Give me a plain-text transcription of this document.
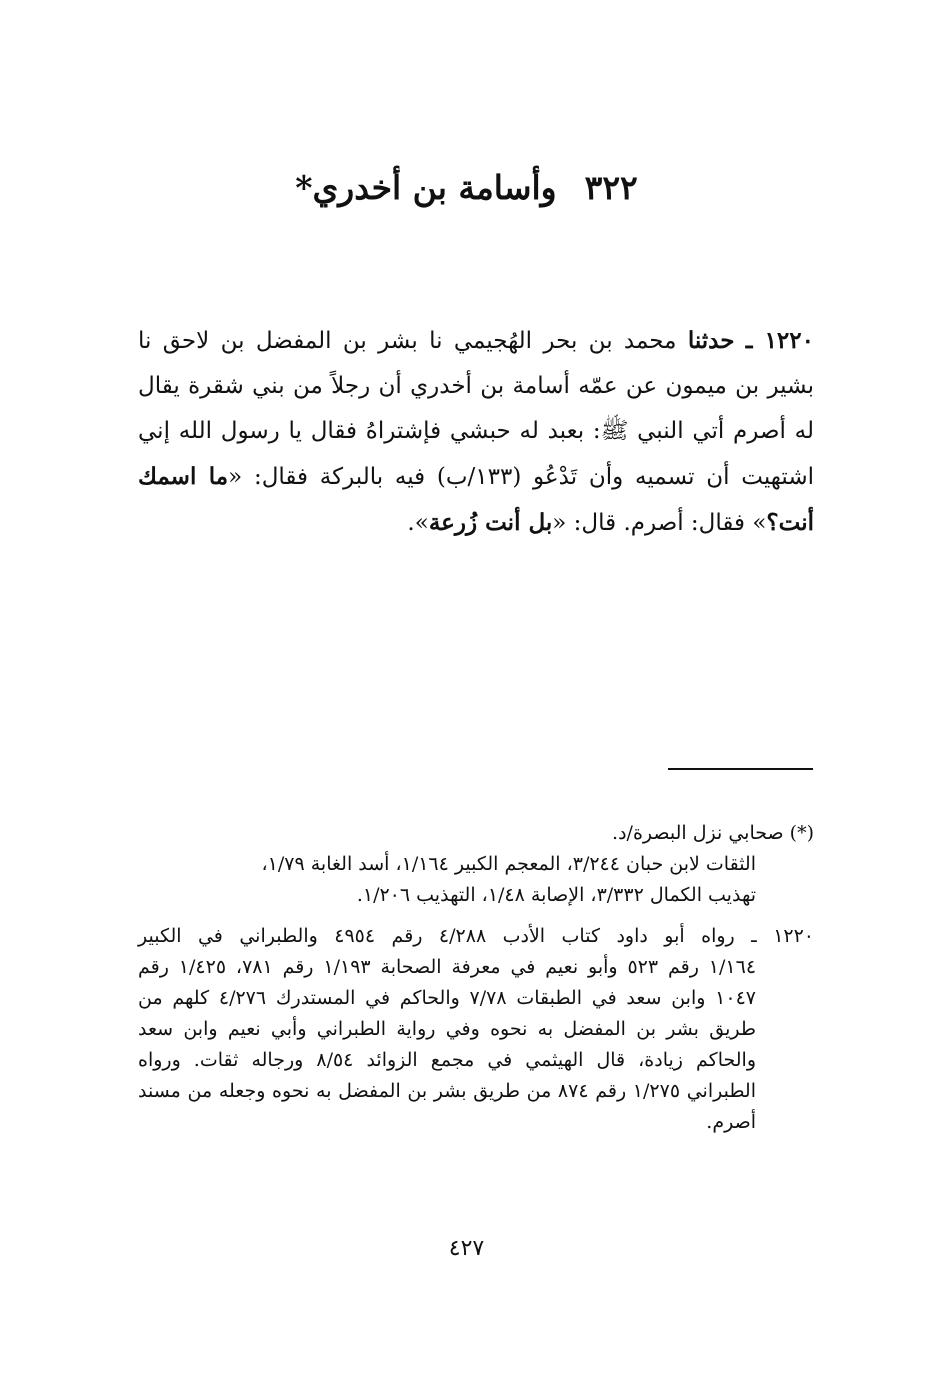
٣٢٢وأسامة بن أخدري*
١٢٢٠ ـ حدثنا محمد بن بحر الهُجيمي نا بشر بن المفضل بن لاحق نا بشير بن ميمون عن عمّه أسامة بن أخدري أن رجلاً من بني شقرة يقال له أصرم أتي النبي ﷺ: بعبد له حبشي فإشتراهُ فقال يا رسول الله إني اشتهيت أن تسميه وأن تَدْعُو (١٣٣/ب) فيه بالبركة فقال: «ما اسمك أنت؟» فقال: أصرم. قال: «بل أنت زُرعة».
(*) صحابي نزل البصرة/د.
الثقات لابن حبان ٣/٢٤٤، المعجم الكبير ١/١٦٤، أسد الغابة ١/٧٩،
تهذيب الكمال ٣/٣٣٢، الإصابة ١/٤٨، التهذيب ١/٢٠٦.
١٢٢٠ ـ رواه أبو داود كتاب الأدب ٤/٢٨٨ رقم ٤٩٥٤ والطبراني في الكبير
١/١٦٤ رقم ٥٢٣ وأبو نعيم في معرفة الصحابة ١/١٩٣ رقم ٧٨١، ١/٤٢٥ رقم ١٠٤٧ وابن سعد في الطبقات ٧/٧٨ والحاكم في المستدرك ٤/٢٧٦ كلهم من طريق بشر بن المفضل به نحوه وفي رواية الطبراني وأبي نعيم وابن سعد والحاكم زيادة، قال الهيثمي في مجمع الزوائد ٨/٥٤ ورجاله ثقات. ورواه الطبراني ١/٢٧٥ رقم ٨٧٤ من طريق بشر بن المفضل به نحوه وجعله من مسند أصرم.
٤٢٧
